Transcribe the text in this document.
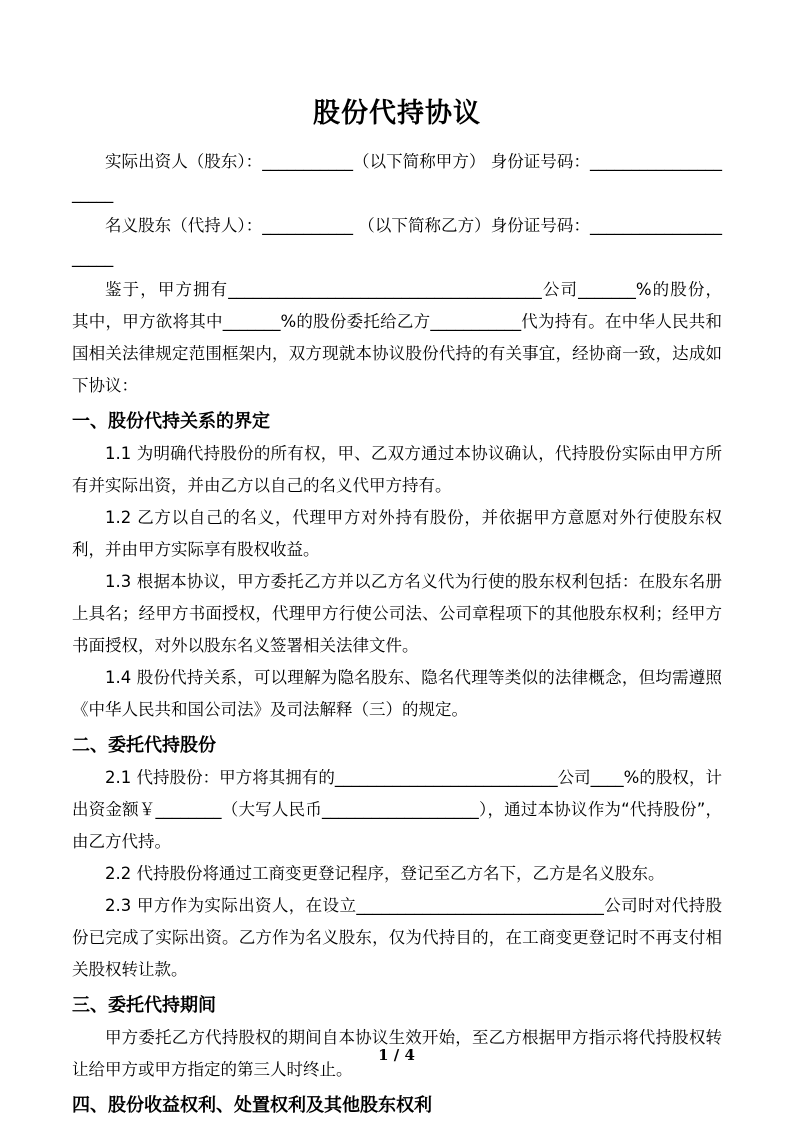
股份代持协议

实际出资人（股东）：___________（以下简称甲方） 身份证号码：_____________________

名义股东（代持人）：___________ （以下简称乙方）身份证号码：_____________________

鉴于，甲方拥有______________________________________公司_______%的股份，其中，甲方欲将其中_______%的股份委托给乙方___________代为持有。在中华人民共和国相关法律规定范围框架内，双方现就本协议股份代持的有关事宜，经协商一致，达成如下协议：

一、股份代持关系的界定

1.1 为明确代持股份的所有权，甲、乙双方通过本协议确认，代持股份实际由甲方所有并实际出资，并由乙方以自己的名义代甲方持有。

1.2 乙方以自己的名义，代理甲方对外持有股份，并依据甲方意愿对外行使股东权利，并由甲方实际享有股权收益。

1.3 根据本协议，甲方委托乙方并以乙方名义代为行使的股东权利包括：在股东名册上具名；经甲方书面授权，代理甲方行使公司法、公司章程项下的其他股东权利；经甲方书面授权，对外以股东名义签署相关法律文件。

1.4 股份代持关系，可以理解为隐名股东、隐名代理等类似的法律概念，但均需遵照《中华人民共和国公司法》及司法解释（三）的规定。

二、委托代持股份

2.1 代持股份：甲方将其拥有的___________________________公司____%的股权，计出资金额￥________（大写人民币___________________），通过本协议作为“代持股份”，由乙方代持。

2.2 代持股份将通过工商变更登记程序，登记至乙方名下，乙方是名义股东。

2.3 甲方作为实际出资人，在设立______________________________公司时对代持股份已完成了实际出资。乙方作为名义股东，仅为代持目的，在工商变更登记时不再支付相关股权转让款。

三、委托代持期间

甲方委托乙方代持股权的期间自本协议生效开始，至乙方根据甲方指示将代持股权转让给甲方或甲方指定的第三人时终止。

四、股份收益权利、处置权利及其他股东权利
1 / 4
